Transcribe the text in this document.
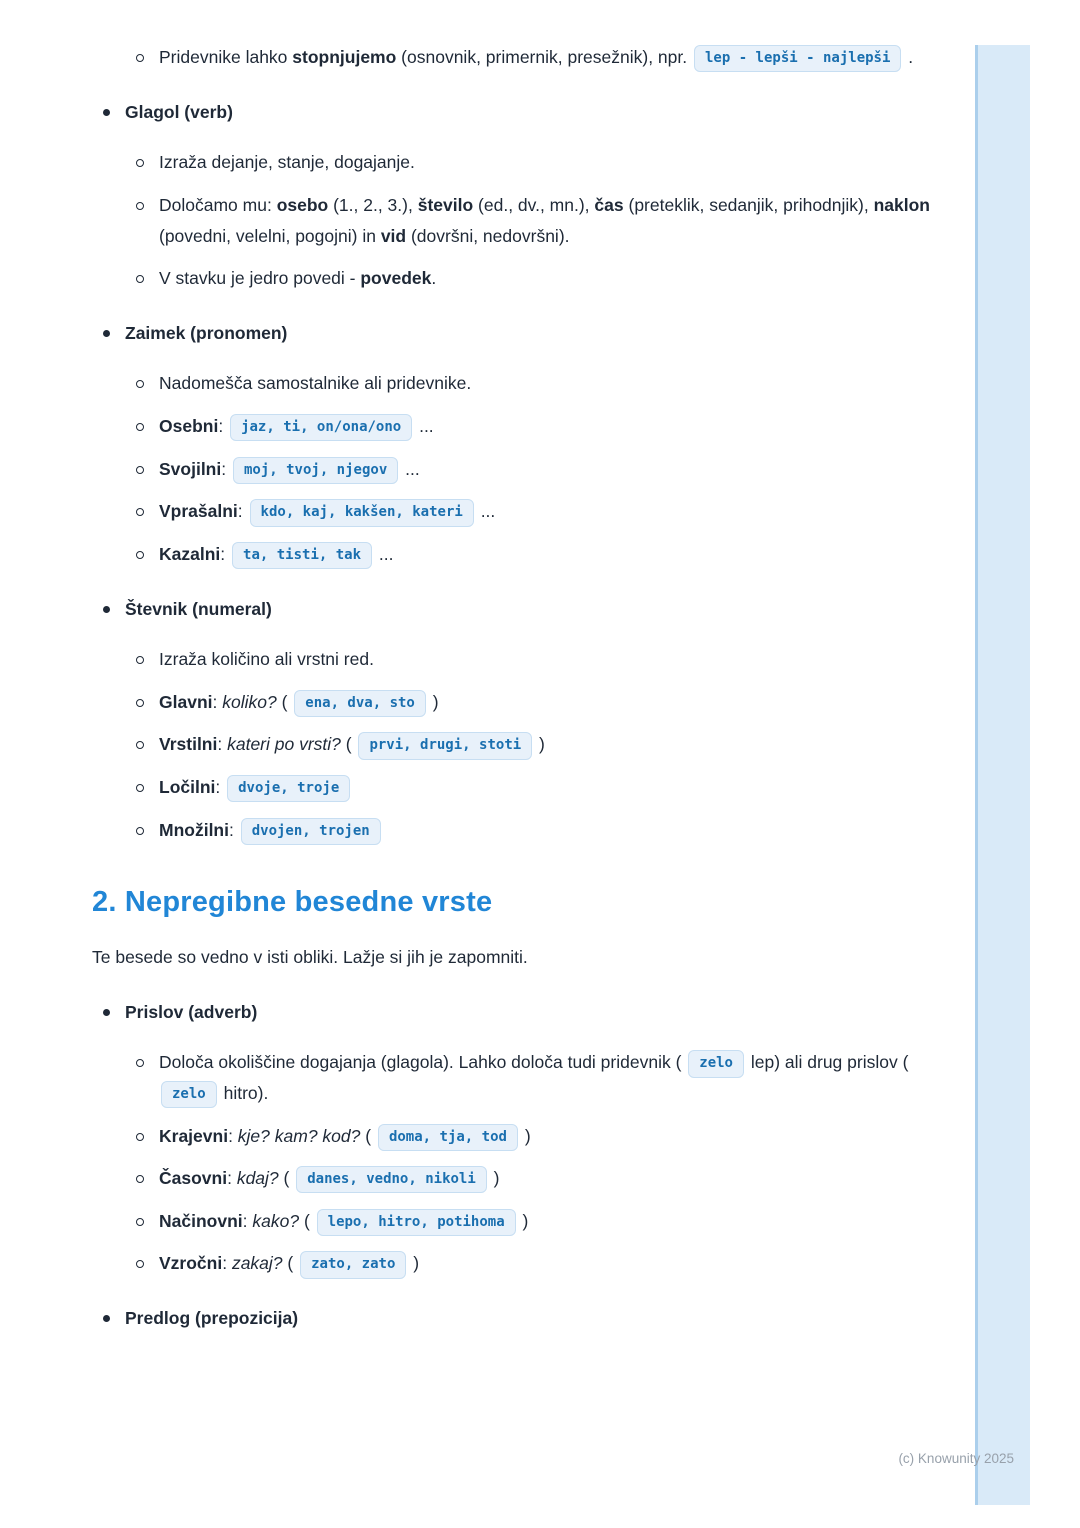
Pridevnike lahko stopnjujemo (osnovnik, primernik, presežnik), npr. lep - lepši - najlepši .
Glagol (verb)
Izraža dejanje, stanje, dogajanje.
Določamo mu: osebo (1., 2., 3.), število (ed., dv., mn.), čas (preteklik, sedanjik, prihodnjik), naklon (povedni, velelni, pogojni) in vid (dovršni, nedovršni).
V stavku je jedro povedi - povedek.
Zaimek (pronomen)
Nadomešča samostalnike ali pridevnike.
Osebni: jaz, ti, on/ona/ono ...
Svojilni: moj, tvoj, njegov ...
Vprašalni: kdo, kaj, kakšen, kateri ...
Kazalni: ta, tisti, tak ...
Števnik (numeral)
Izraža količino ali vrstni red.
Glavni: koliko? ( ena, dva, sto )
Vrstilni: kateri po vrsti? ( prvi, drugi, stoti )
Ločilni: dvoje, troje
Množilni: dvojen, trojen
2. Nepregibne besedne vrste

Te besede so vedno v isti obliki. Lažje si jih je zapomniti.

Prislov (adverb)
Določa okoliščine dogajanja (glagola). Lahko določa tudi pridevnik ( zelo lep) ali drug prislov ( zelo hitro).
Krajevni: kje? kam? kod? ( doma, tja, tod )
Časovni: kdaj? ( danes, vedno, nikoli )
Načinovni: kako? ( lepo, hitro, potihoma )
Vzročni: zakaj? ( zato, zato )
Predlog (prepozicija)
(c) Knowunity 2025
